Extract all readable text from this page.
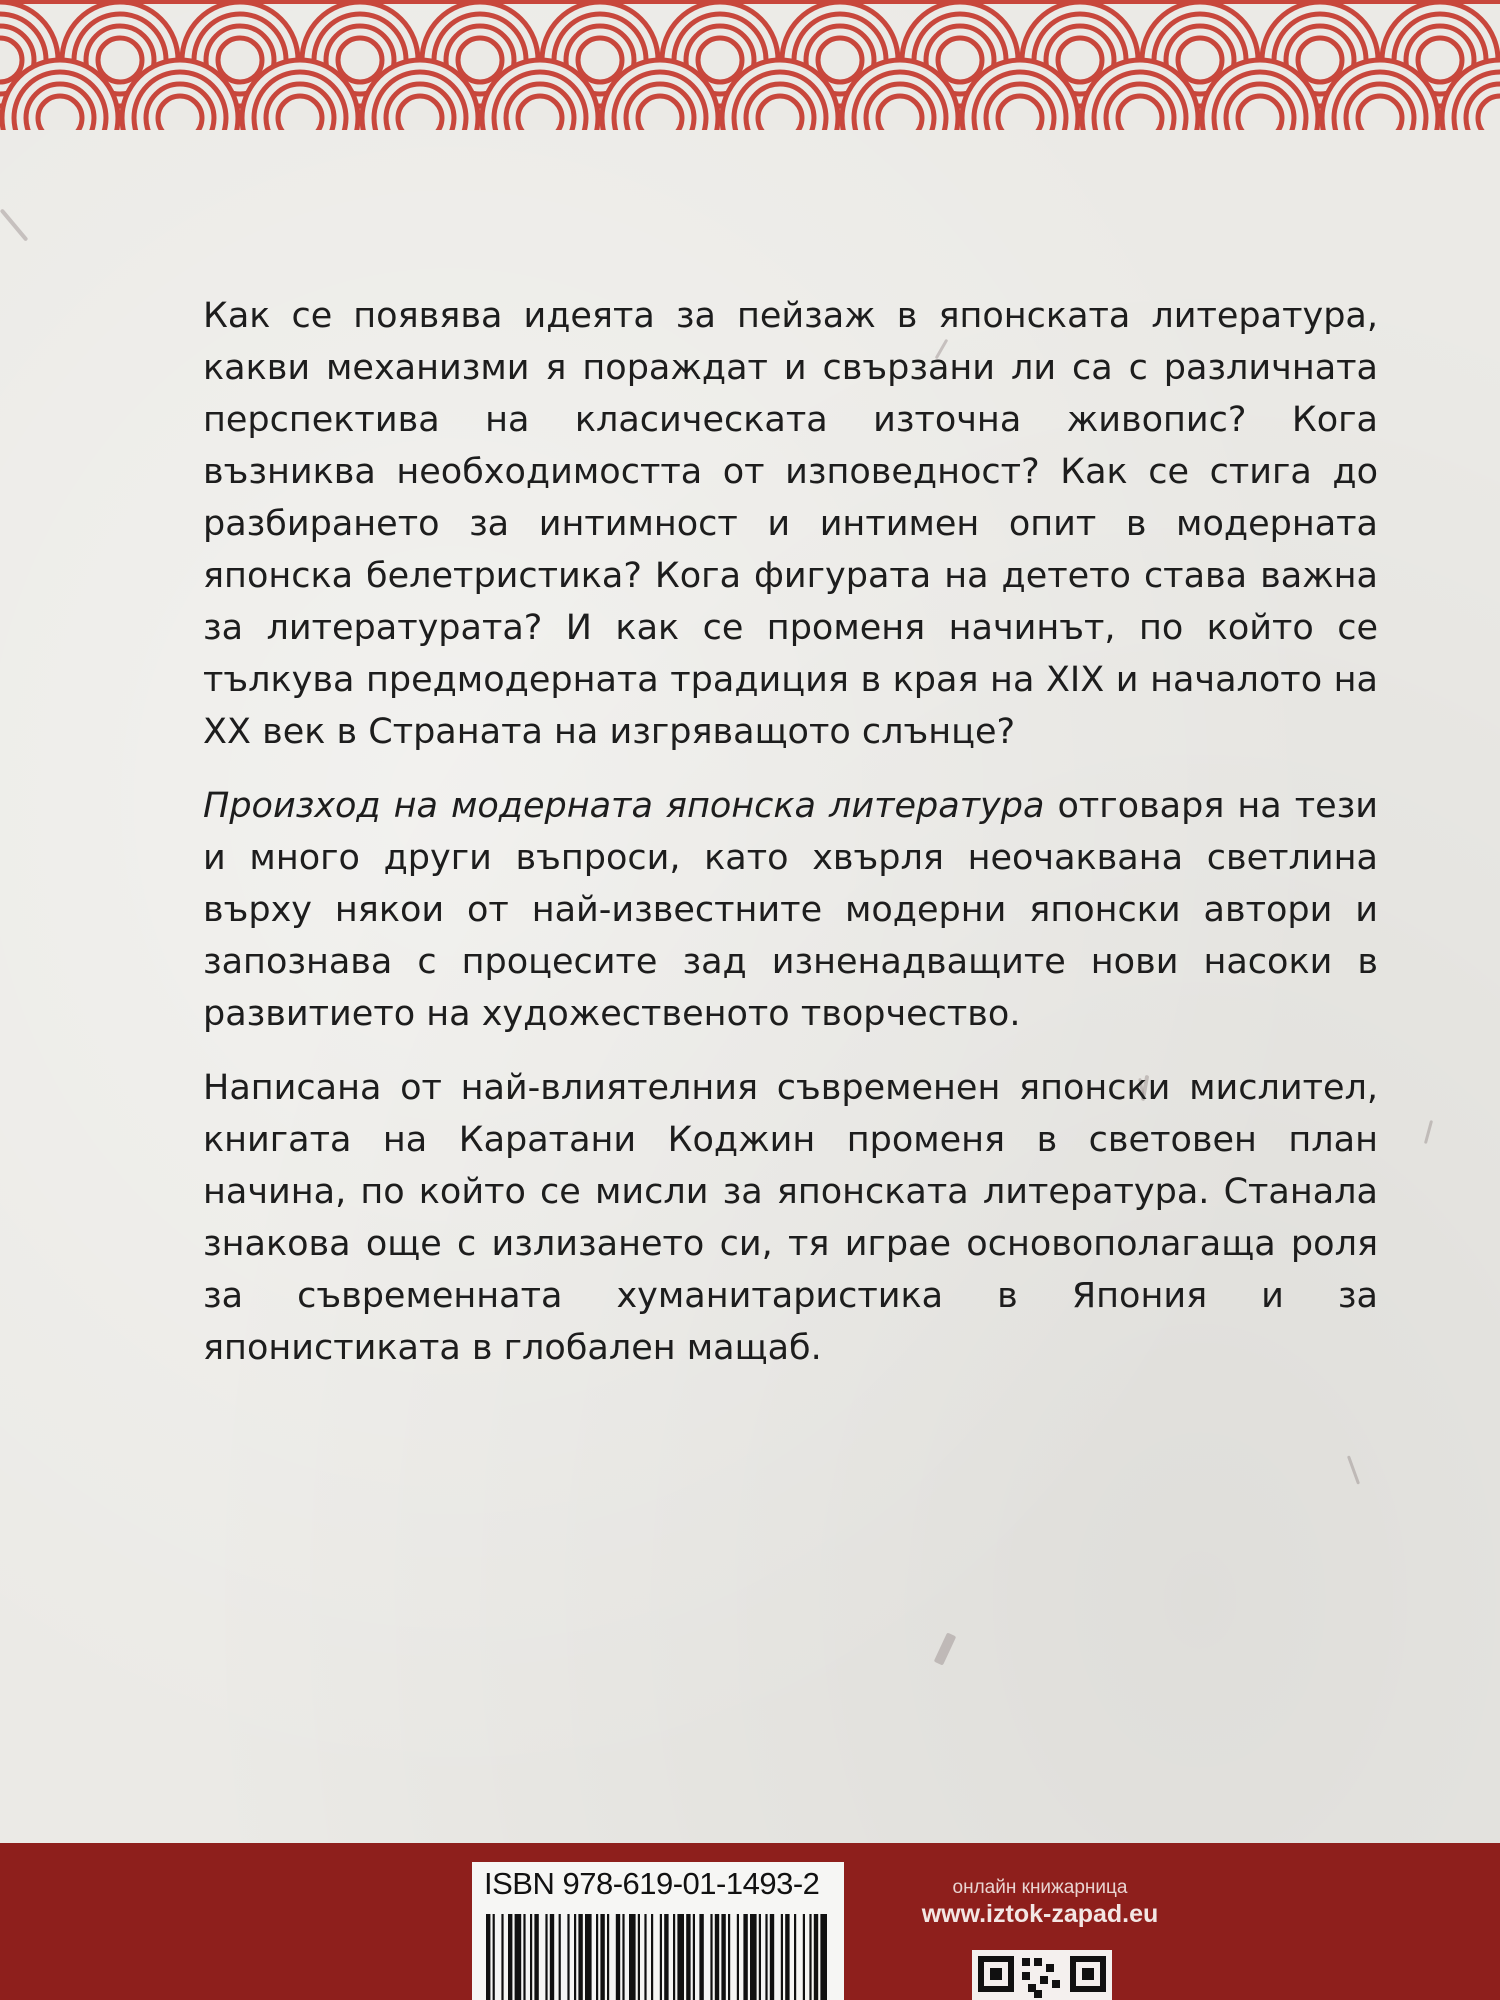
Как се появява идеята за пейзаж в японската литература, какви механизми я пораждат и свързани ли са с различната перспектива на класическата източна живопис? Кога възниква необходимостта от изповедност? Как се стига до разбирането за интимност и интимен опит в модерната японска белетристика? Кога фигурата на детето става важна за литературата? И как се променя начинът, по който се тълкува предмодерната традиция в края на XIX и началото на XX век в Страната на изгряващото слънце?

Произход на модерната японска литература отговаря на тези и много други въпроси, като хвърля неочаквана светлина върху някои от най-известните модерни японски автори и запознава с процесите зад изненадващите нови насоки в развитието на художественото творчество.

Написана от най-влиятелния съвременен японски мислител, книгата на Каратани Коджин променя в световен план начина, по който се мисли за японската литература. Станала знакова още с излизането си, тя играе основополагаща роля за съвременната хуманитаристика в Япония и за японистиката в глобален мащаб.

ISBN 978-619-01-1493-2	онлайн книжарница
www.iztok-zapad.eu
